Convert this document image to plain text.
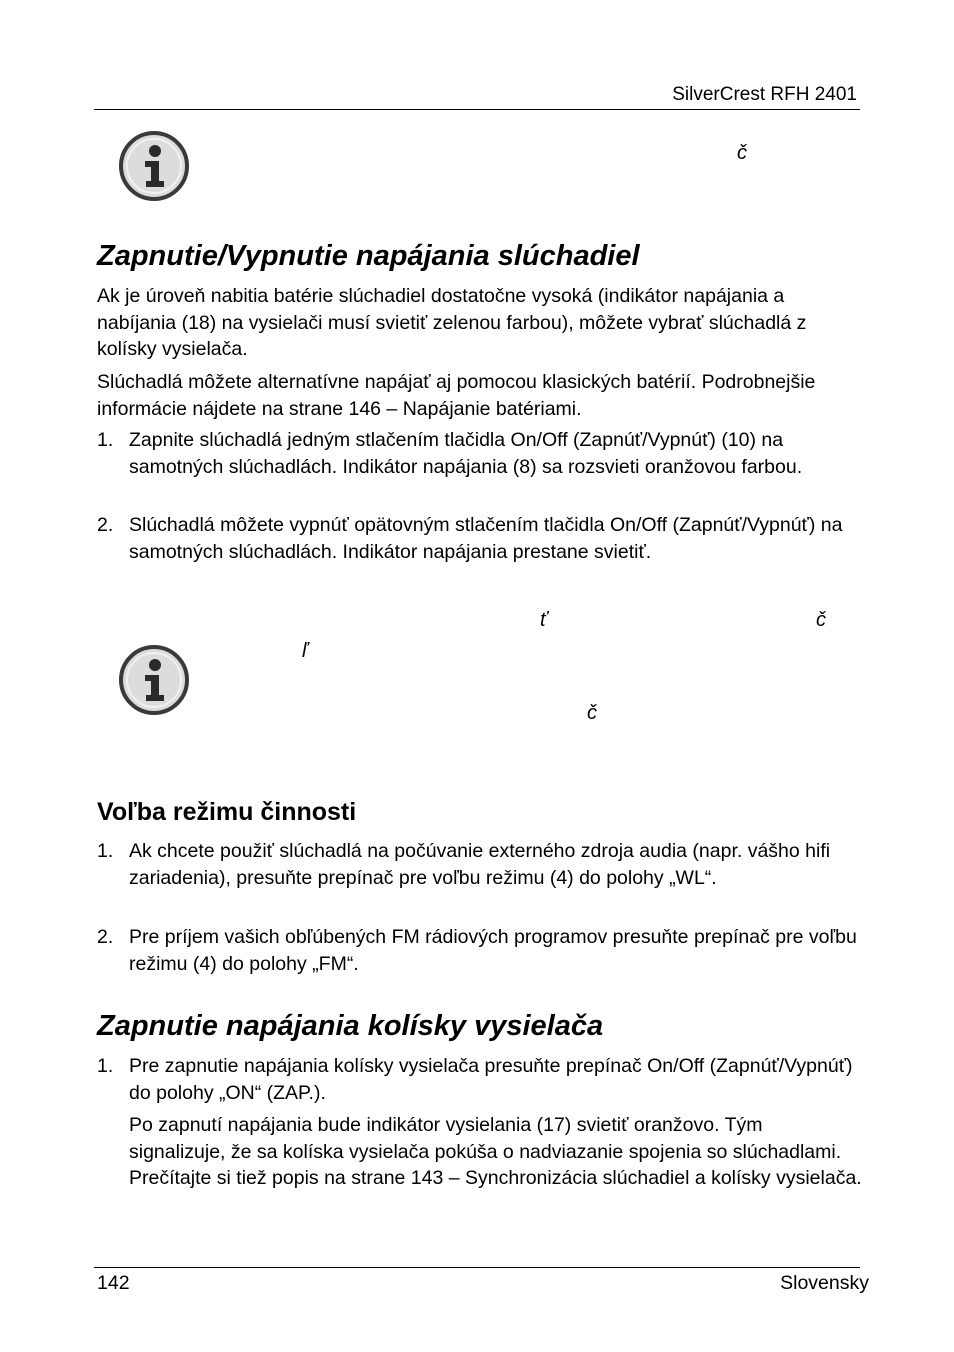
SilverCrest RFH 2401
č
Zapnutie/Vypnutie napájania slúchadiel

Ak je úroveň nabitia batérie slúchadiel dostatočne vysoká (indikátor napájania a nabíjania (18) na vysielači musí svietiť zelenou farbou), môžete vybrať slúchadlá z kolísky vysielača.

Slúchadlá môžete alternatívne napájať aj pomocou klasických batérií. Podrobnejšie informácie nájdete na strane 146 – Napájanie batériami.

1. Zapnite slúchadlá jedným stlačením tlačidla On/Off (Zapnúť/Vypnúť) (10) na samotných slúchadlách. Indikátor napájania (8) sa rozsvieti oranžovou farbou.
2. Slúchadlá môžete vypnúť opätovným stlačením tlačidla On/Off (Zapnúť/Vypnúť) na samotných slúchadlách. Indikátor napájania prestane svietiť.
ť	č
ľ
č
Voľba režimu činnosti
1. Ak chcete použiť slúchadlá na počúvanie externého zdroja audia (napr. vášho hifi zariadenia), presuňte prepínač pre voľbu režimu (4) do polohy „WL“.
2. Pre príjem vašich obľúbených FM rádiových programov presuňte prepínač pre voľbu režimu (4) do polohy „FM“.
Zapnutie napájania kolísky vysielača
1. Pre zapnutie napájania kolísky vysielača presuňte prepínač On/Off (Zapnúť/Vypnúť) do polohy „ON“ (ZAP.).

Po zapnutí napájania bude indikátor vysielania (17) svietiť oranžovo. Tým signalizuje, že sa kolíska vysielača pokúša o nadviazanie spojenia so slúchadlami. Prečítajte si tiež popis na strane 143 – Synchronizácia slúchadiel a kolísky vysielača.

142	Slovensky
